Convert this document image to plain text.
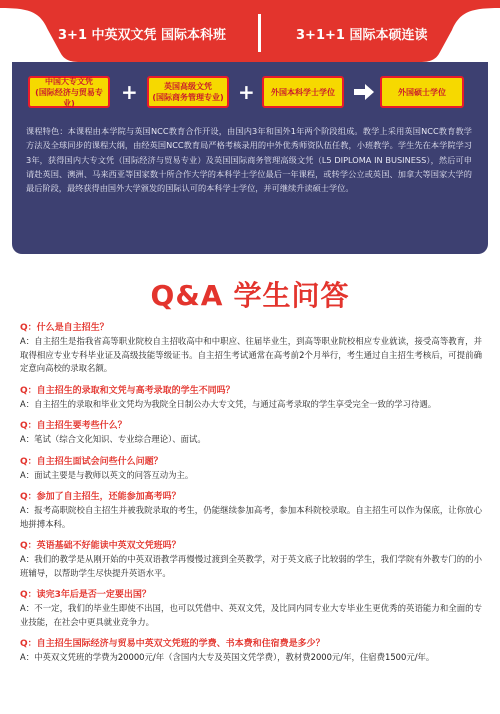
3+1 中英双文凭 国际本科班	3+1+1 国际本硕连读
中国大专文凭
(国际经济与贸易专业)	+	英国高级文凭
(国际商务管理专业) + 外国本科学士学位	外国硕士学位

课程特色：本课程由本学院与英国NCC教育合作开设，由国内3年和国外1年两个阶段组成。教学上采用英国NCC教育教学方法及全球同步的课程大纲，由经英国NCC教育局严格考核录用的中外优秀师资队伍任教，小班教学。学生先在本学院学习3年，获得国内大专文凭（国际经济与贸易专业）及英国国际商务管理高级文凭（L5 DIPLOMA IN BUSINESS），然后可申请赴英国、澳洲、马来西亚等国家数十所合作大学的本科学士学位最后一年课程，或转学公立或英国、加拿大等国家大学的最后阶段，最终获得由国外大学颁发的国际认可的本科学士学位，并可继续升读硕士学位。

Q&A 学生问答
Q：什么是自主招生？
A：自主招生是指我省高等职业院校自主招收高中和中职应、往届毕业生，到高等职业院校相应专业就读，接受高等教育，并取得相应专业专科毕业证及高级技能等级证书。自主招生考试通常在高考前2个月举行，考生通过自主招生考核后，可提前确定意向高校的录取名额。
Q：自主招生的录取和文凭与高考录取的学生不同吗？
A：自主招生的录取和毕业文凭均为我院全日制公办大专文凭，与通过高考录取的学生享受完全一致的学习待遇。
Q：自主招生要考些什么？
A：笔试（综合文化知识、专业综合理论）、面试。
Q：自主招生面试会问些什么问题？
A：面试主要是与教师以英文的问答互动为主。
Q：参加了自主招生，还能参加高考吗？
A：报考高职院校自主招生并被我院录取的考生，仍能继续参加高考，参加本科院校录取。自主招生可以作为保底，让你放心地拼搏本科。
Q：英语基础不好能读中英双文凭班吗？
A：我们的教学是从刚开始的中英双语教学再慢慢过渡到全英教学，对于英文底子比较弱的学生，我们学院有外教专门的的小班辅导，以帮助学生尽快提升英语水平。
Q：读完3年后是否一定要出国？
A：不一定，我们的毕业生即使不出国，也可以凭借中、英双文凭，及比同内同专业大专毕业生更优秀的英语能力和全面的专业技能，在社会中更具就业竞争力。
Q：自主招生国际经济与贸易中英双文凭班的学费、书本费和住宿费是多少？
A：中英双文凭班的学费为20000元/年（含国内大专及英国文凭学费），教材费2000元/年，住宿费1500元/年。
